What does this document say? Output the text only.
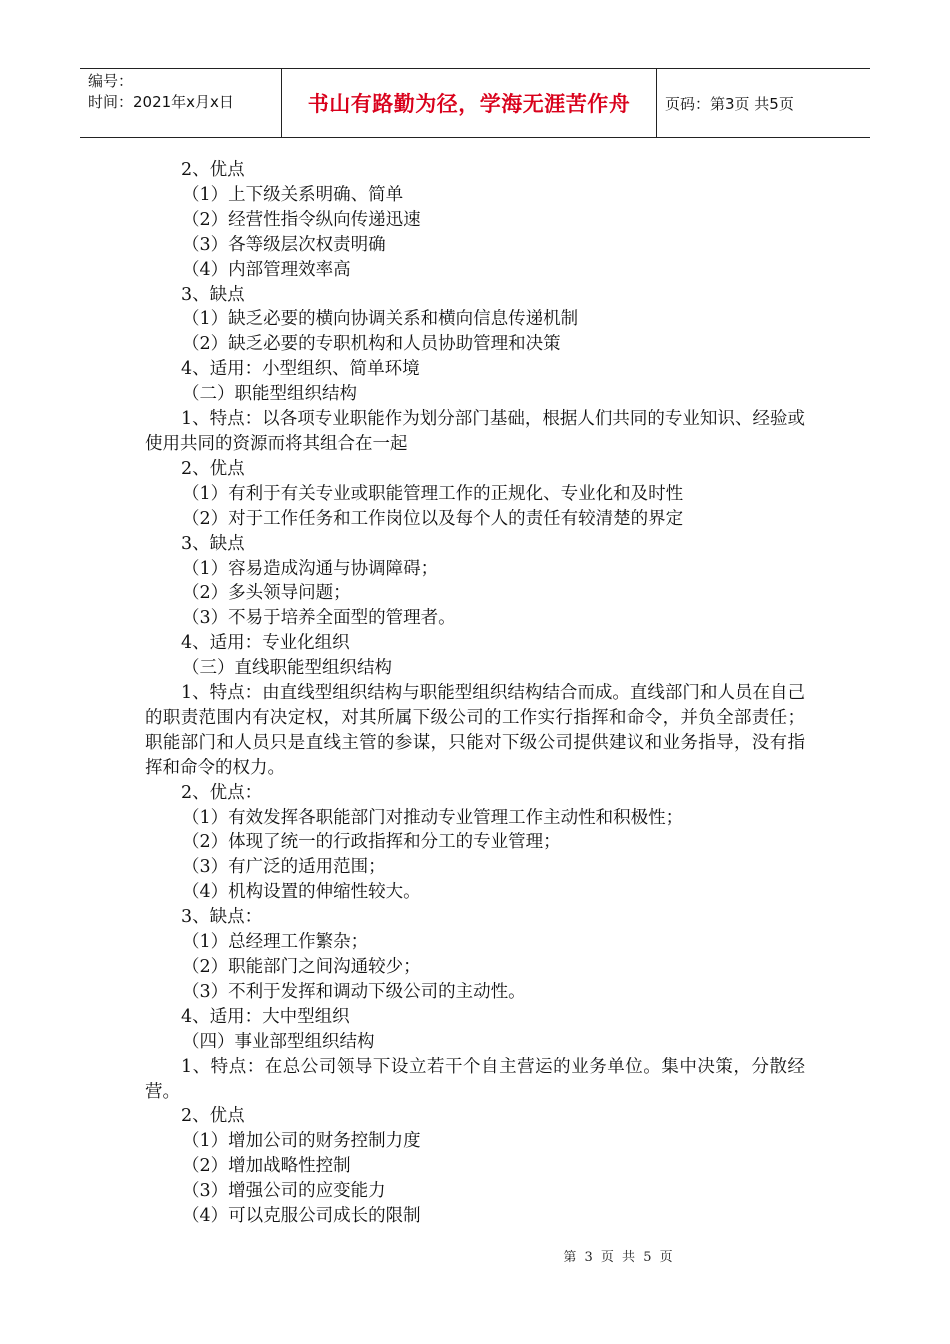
编号：
时间：2021年x月x日	书山有路勤为径，学海无涯苦作舟	页码：第3页 共5页

2、优点

（1）上下级关系明确、简单

（2）经营性指令纵向传递迅速

（3）各等级层次权责明确

（4）内部管理效率高

3、缺点

（1）缺乏必要的横向协调关系和横向信息传递机制

（2）缺乏必要的专职机构和人员协助管理和决策

4、适用：小型组织、简单环境

（二）职能型组织结构

1、特点：以各项专业职能作为划分部门基础，根据人们共同的专业知识、经验或使用共同的资源而将其组合在一起

2、优点

（1）有利于有关专业或职能管理工作的正规化、专业化和及时性

（2）对于工作任务和工作岗位以及每个人的责任有较清楚的界定

3、缺点

（1）容易造成沟通与协调障碍；

（2）多头领导问题；

（3）不易于培养全面型的管理者。

4、适用：专业化组织

（三）直线职能型组织结构

1、特点：由直线型组织结构与职能型组织结构结合而成。直线部门和人员在自己的职责范围内有决定权，对其所属下级公司的工作实行指挥和命令，并负全部责任；职能部门和人员只是直线主管的参谋，只能对下级公司提供建议和业务指导，没有指挥和命令的权力。

2、优点：

（1）有效发挥各职能部门对推动专业管理工作主动性和积极性；

（2）体现了统一的行政指挥和分工的专业管理；

（3）有广泛的适用范围；

（4）机构设置的伸缩性较大。

3、缺点：

（1）总经理工作繁杂；

（2）职能部门之间沟通较少；

（3）不利于发挥和调动下级公司的主动性。

4、适用：大中型组织

（四）事业部型组织结构

1、特点：在总公司领导下设立若干个自主营运的业务单位。集中决策，分散经营。

2、优点

（1）增加公司的财务控制力度

（2）增加战略性控制

（3）增强公司的应变能力

（4）可以克服公司成长的限制

第 3 页 共 5 页
